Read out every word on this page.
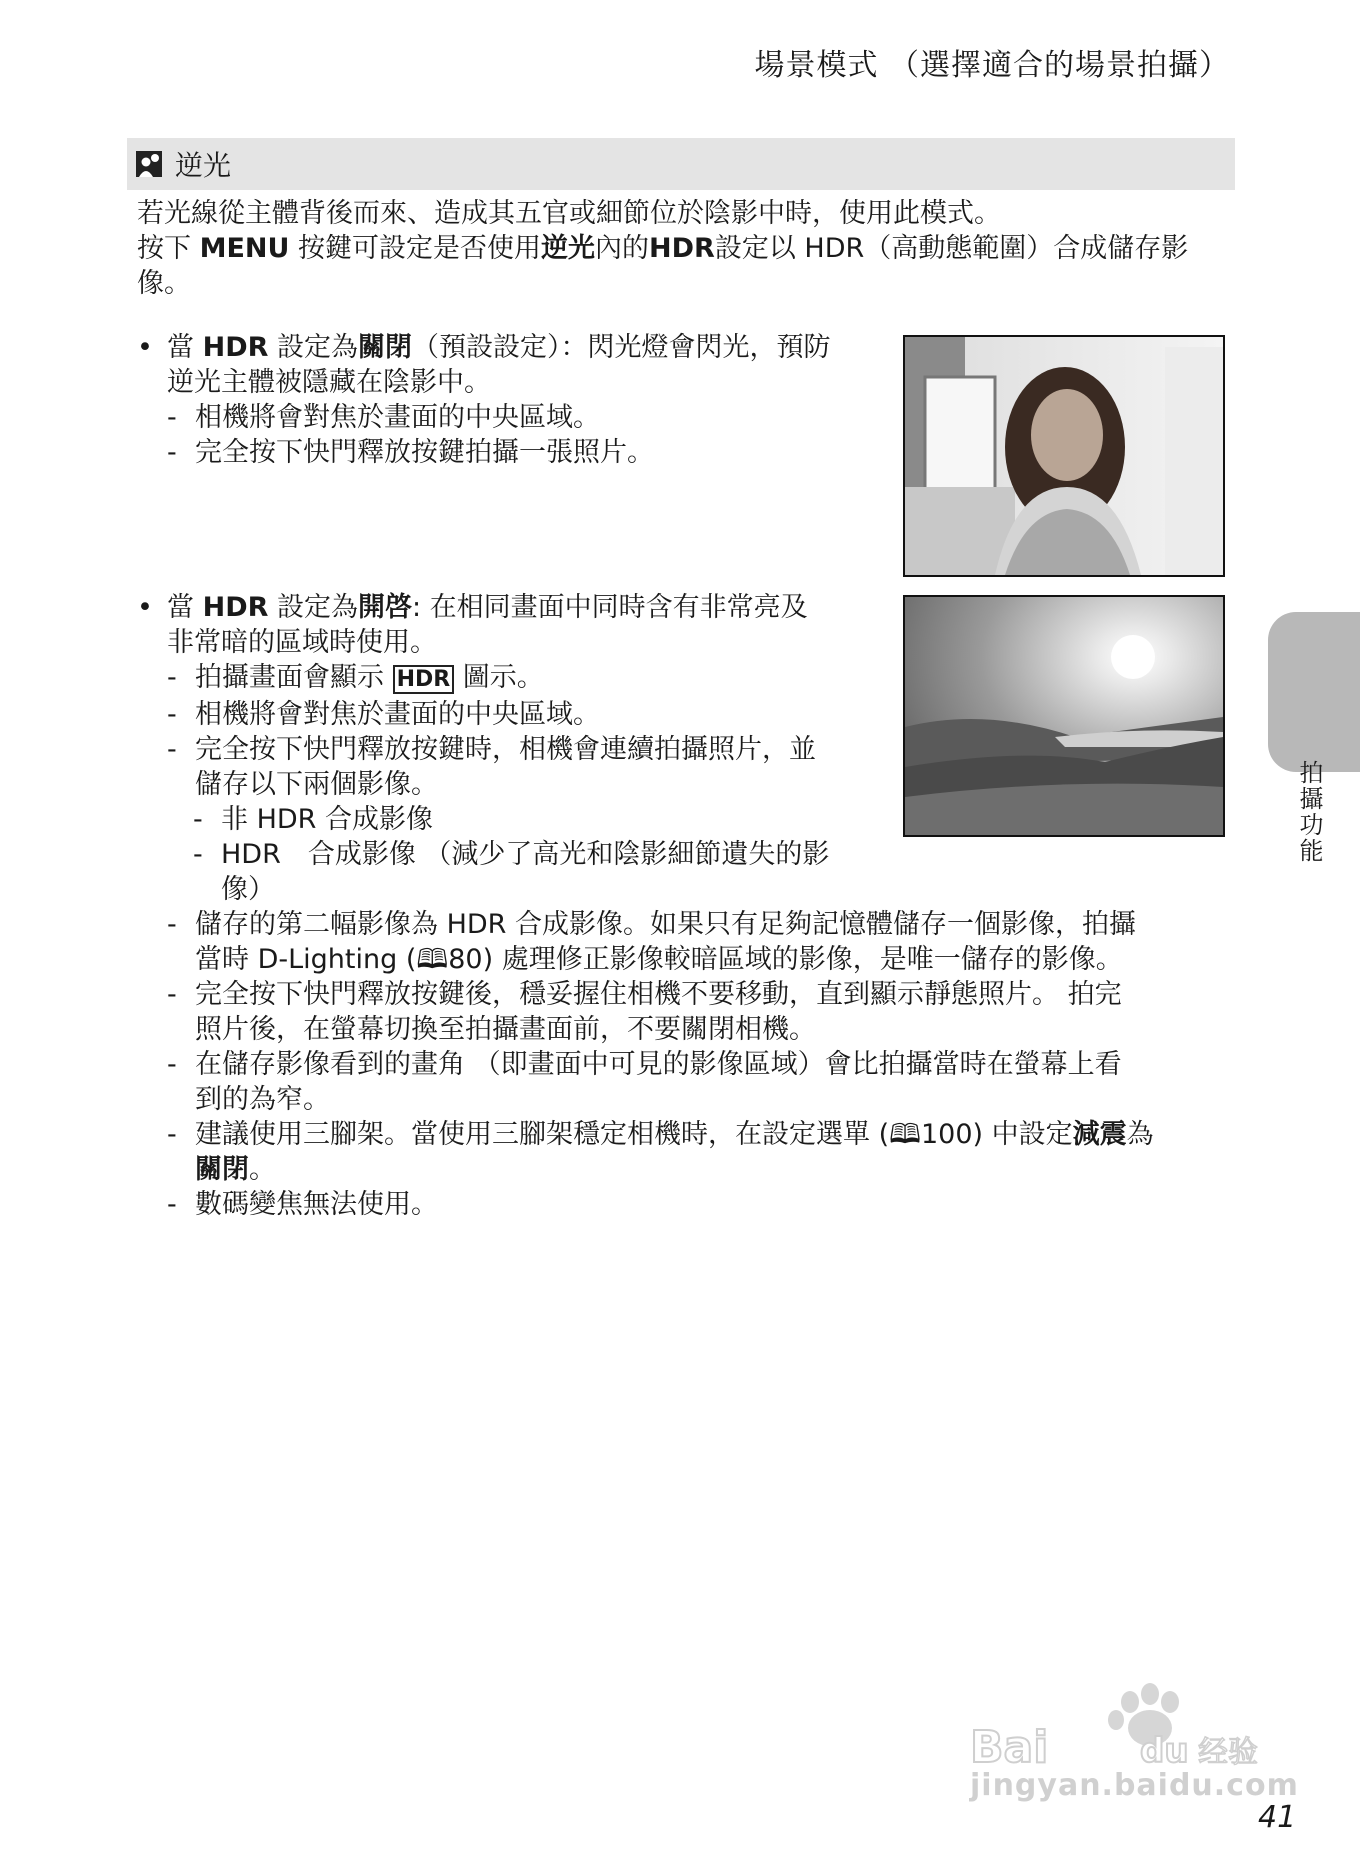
場景模式 （選擇適合的場景拍攝）
逆光
若光線從主體背後而來、造成其五官或細節位於陰影中時，使用此模式。
按下 MENU 按鍵可設定是否使用逆光內的HDR設定以 HDR（高動態範圍）合成儲存影
像。
• 當 HDR 設定為關閉（預設設定）：閃光燈會閃光，預防
逆光主體被隱藏在陰影中。
- 相機將會對焦於畫面的中央區域。
- 完全按下快門釋放按鍵拍攝一張照片。
• 當 HDR 設定為開啓: 在相同畫面中同時含有非常亮及
非常暗的區域時使用。
- 拍攝畫面會顯示 HDR 圖示。
- 相機將會對焦於畫面的中央區域。
- 完全按下快門釋放按鍵時，相機會連續拍攝照片，並
儲存以下兩個影像。
- 非 HDR 合成影像
- HDR　合成影像 （減少了高光和陰影細節遺失的影
像）
- 儲存的第二幅影像為 HDR 合成影像。如果只有足夠記憶體儲存一個影像，拍攝
當時 D-Lighting (🕮80) 處理修正影像較暗區域的影像，是唯一儲存的影像。
- 完全按下快門釋放按鍵後，穩妥握住相機不要移動，直到顯示靜態照片。 拍完
照片後，在螢幕切換至拍攝畫面前，不要關閉相機。
- 在儲存影像看到的畫角 （即畫面中可見的影像區域）會比拍攝當時在螢幕上看
到的為窄。
- 建議使用三腳架。當使用三腳架穩定相機時，在設定選單 (🕮100) 中設定減震為
關閉。
- 數碼變焦無法使用。
拍攝功能
Bai	du 经验
jingyan.baidu.com
41
